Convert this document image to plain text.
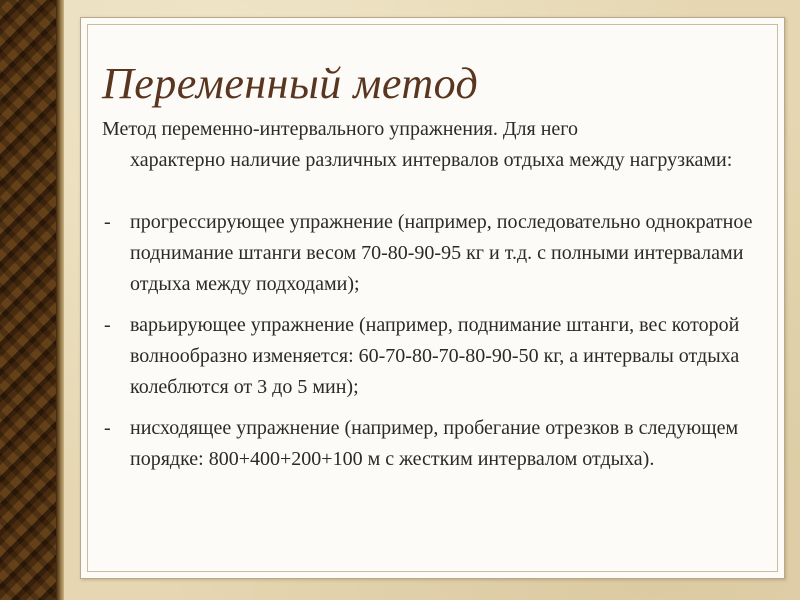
Переменный метод

Метод переменно-интервального упражнения. Для него
характерно наличие различных интервалов отдыха между нагрузками:

- прогрессирующее упражнение (например, последовательно однократное поднимание штанги весом 70-80-90-95 кг и т.д. с полными интервалами отдыха между подходами);
- варьирующее упражнение (например, поднимание штанги, вес которой волнообразно изменяется: 60-70-80-70-80-90-50 кг, а интервалы отдыха колеблются от 3 до 5 мин);
- нисходящее упражнение (например, пробегание отрезков в следующем порядке: 800+400+200+100 м с жестким интервалом отдыха).
